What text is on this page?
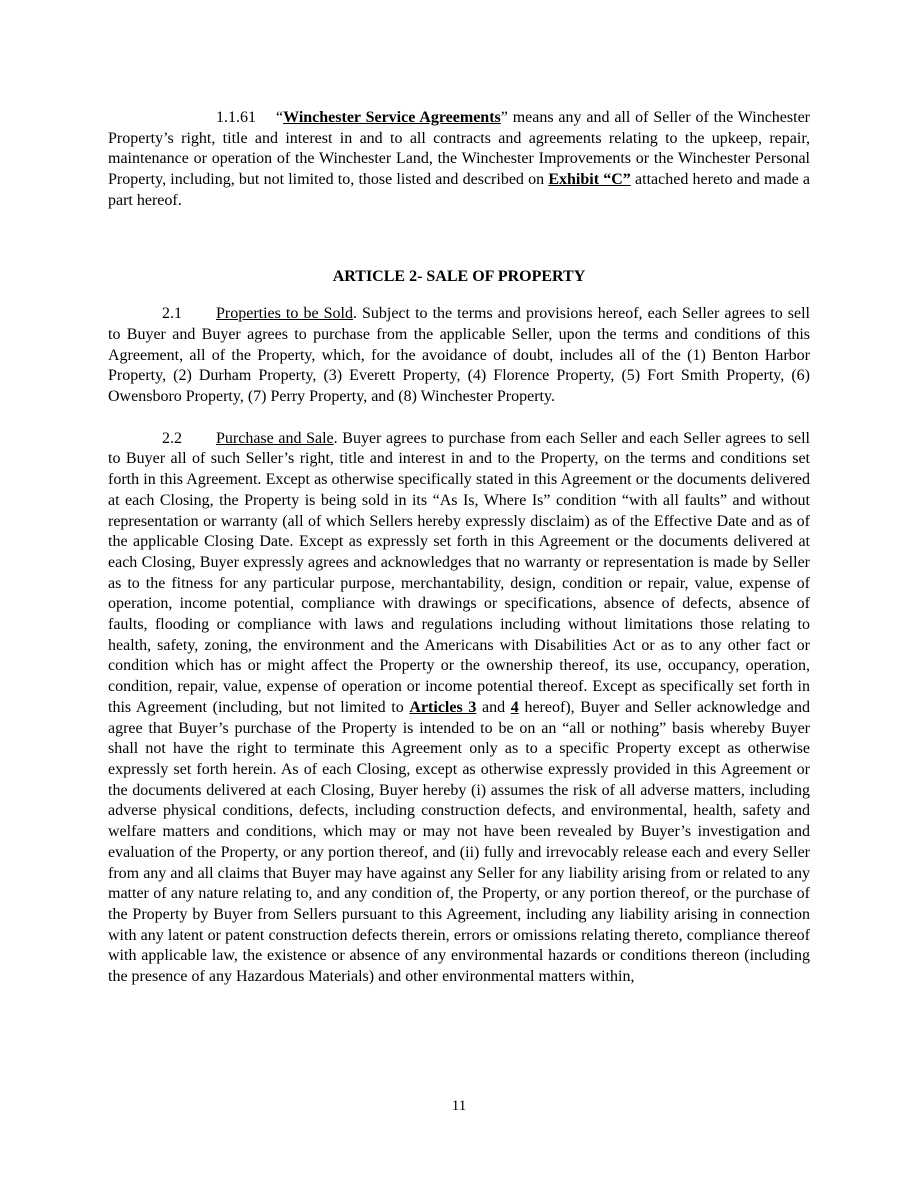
1.1.61 “Winchester Service Agreements” means any and all of Seller of the Winchester Property’s right, title and interest in and to all contracts and agreements relating to the upkeep, repair, maintenance or operation of the Winchester Land, the Winchester Improvements or the Winchester Personal Property, including, but not limited to, those listed and described on Exhibit “C” attached hereto and made a part hereof.

ARTICLE 2- SALE OF PROPERTY

2.1 Properties to be Sold. Subject to the terms and provisions hereof, each Seller agrees to sell to Buyer and Buyer agrees to purchase from the applicable Seller, upon the terms and conditions of this Agreement, all of the Property, which, for the avoidance of doubt, includes all of the (1) Benton Harbor Property, (2) Durham Property, (3) Everett Property, (4) Florence Property, (5) Fort Smith Property, (6) Owensboro Property, (7) Perry Property, and (8) Winchester Property.

2.2 Purchase and Sale. Buyer agrees to purchase from each Seller and each Seller agrees to sell to Buyer all of such Seller’s right, title and interest in and to the Property, on the terms and conditions set forth in this Agreement. Except as otherwise specifically stated in this Agreement or the documents delivered at each Closing, the Property is being sold in its “As Is, Where Is” condition “with all faults” and without representation or warranty (all of which Sellers hereby expressly disclaim) as of the Effective Date and as of the applicable Closing Date. Except as expressly set forth in this Agreement or the documents delivered at each Closing, Buyer expressly agrees and acknowledges that no warranty or representation is made by Seller as to the fitness for any particular purpose, merchantability, design, condition or repair, value, expense of operation, income potential, compliance with drawings or specifications, absence of defects, absence of faults, flooding or compliance with laws and regulations including without limitations those relating to health, safety, zoning, the environment and the Americans with Disabilities Act or as to any other fact or condition which has or might affect the Property or the ownership thereof, its use, occupancy, operation, condition, repair, value, expense of operation or income potential thereof. Except as specifically set forth in this Agreement (including, but not limited to Articles 3 and 4 hereof), Buyer and Seller acknowledge and agree that Buyer’s purchase of the Property is intended to be on an “all or nothing” basis whereby Buyer shall not have the right to terminate this Agreement only as to a specific Property except as otherwise expressly set forth herein. As of each Closing, except as otherwise expressly provided in this Agreement or the documents delivered at each Closing, Buyer hereby (i) assumes the risk of all adverse matters, including adverse physical conditions, defects, including construction defects, and environmental, health, safety and welfare matters and conditions, which may or may not have been revealed by Buyer’s investigation and evaluation of the Property, or any portion thereof, and (ii) fully and irrevocably release each and every Seller from any and all claims that Buyer may have against any Seller for any liability arising from or related to any matter of any nature relating to, and any condition of, the Property, or any portion thereof, or the purchase of the Property by Buyer from Sellers pursuant to this Agreement, including any liability arising in connection with any latent or patent construction defects therein, errors or omissions relating thereto, compliance thereof with applicable law, the existence or absence of any environmental hazards or conditions thereon (including the presence of any Hazardous Materials) and other environmental matters within,

11
